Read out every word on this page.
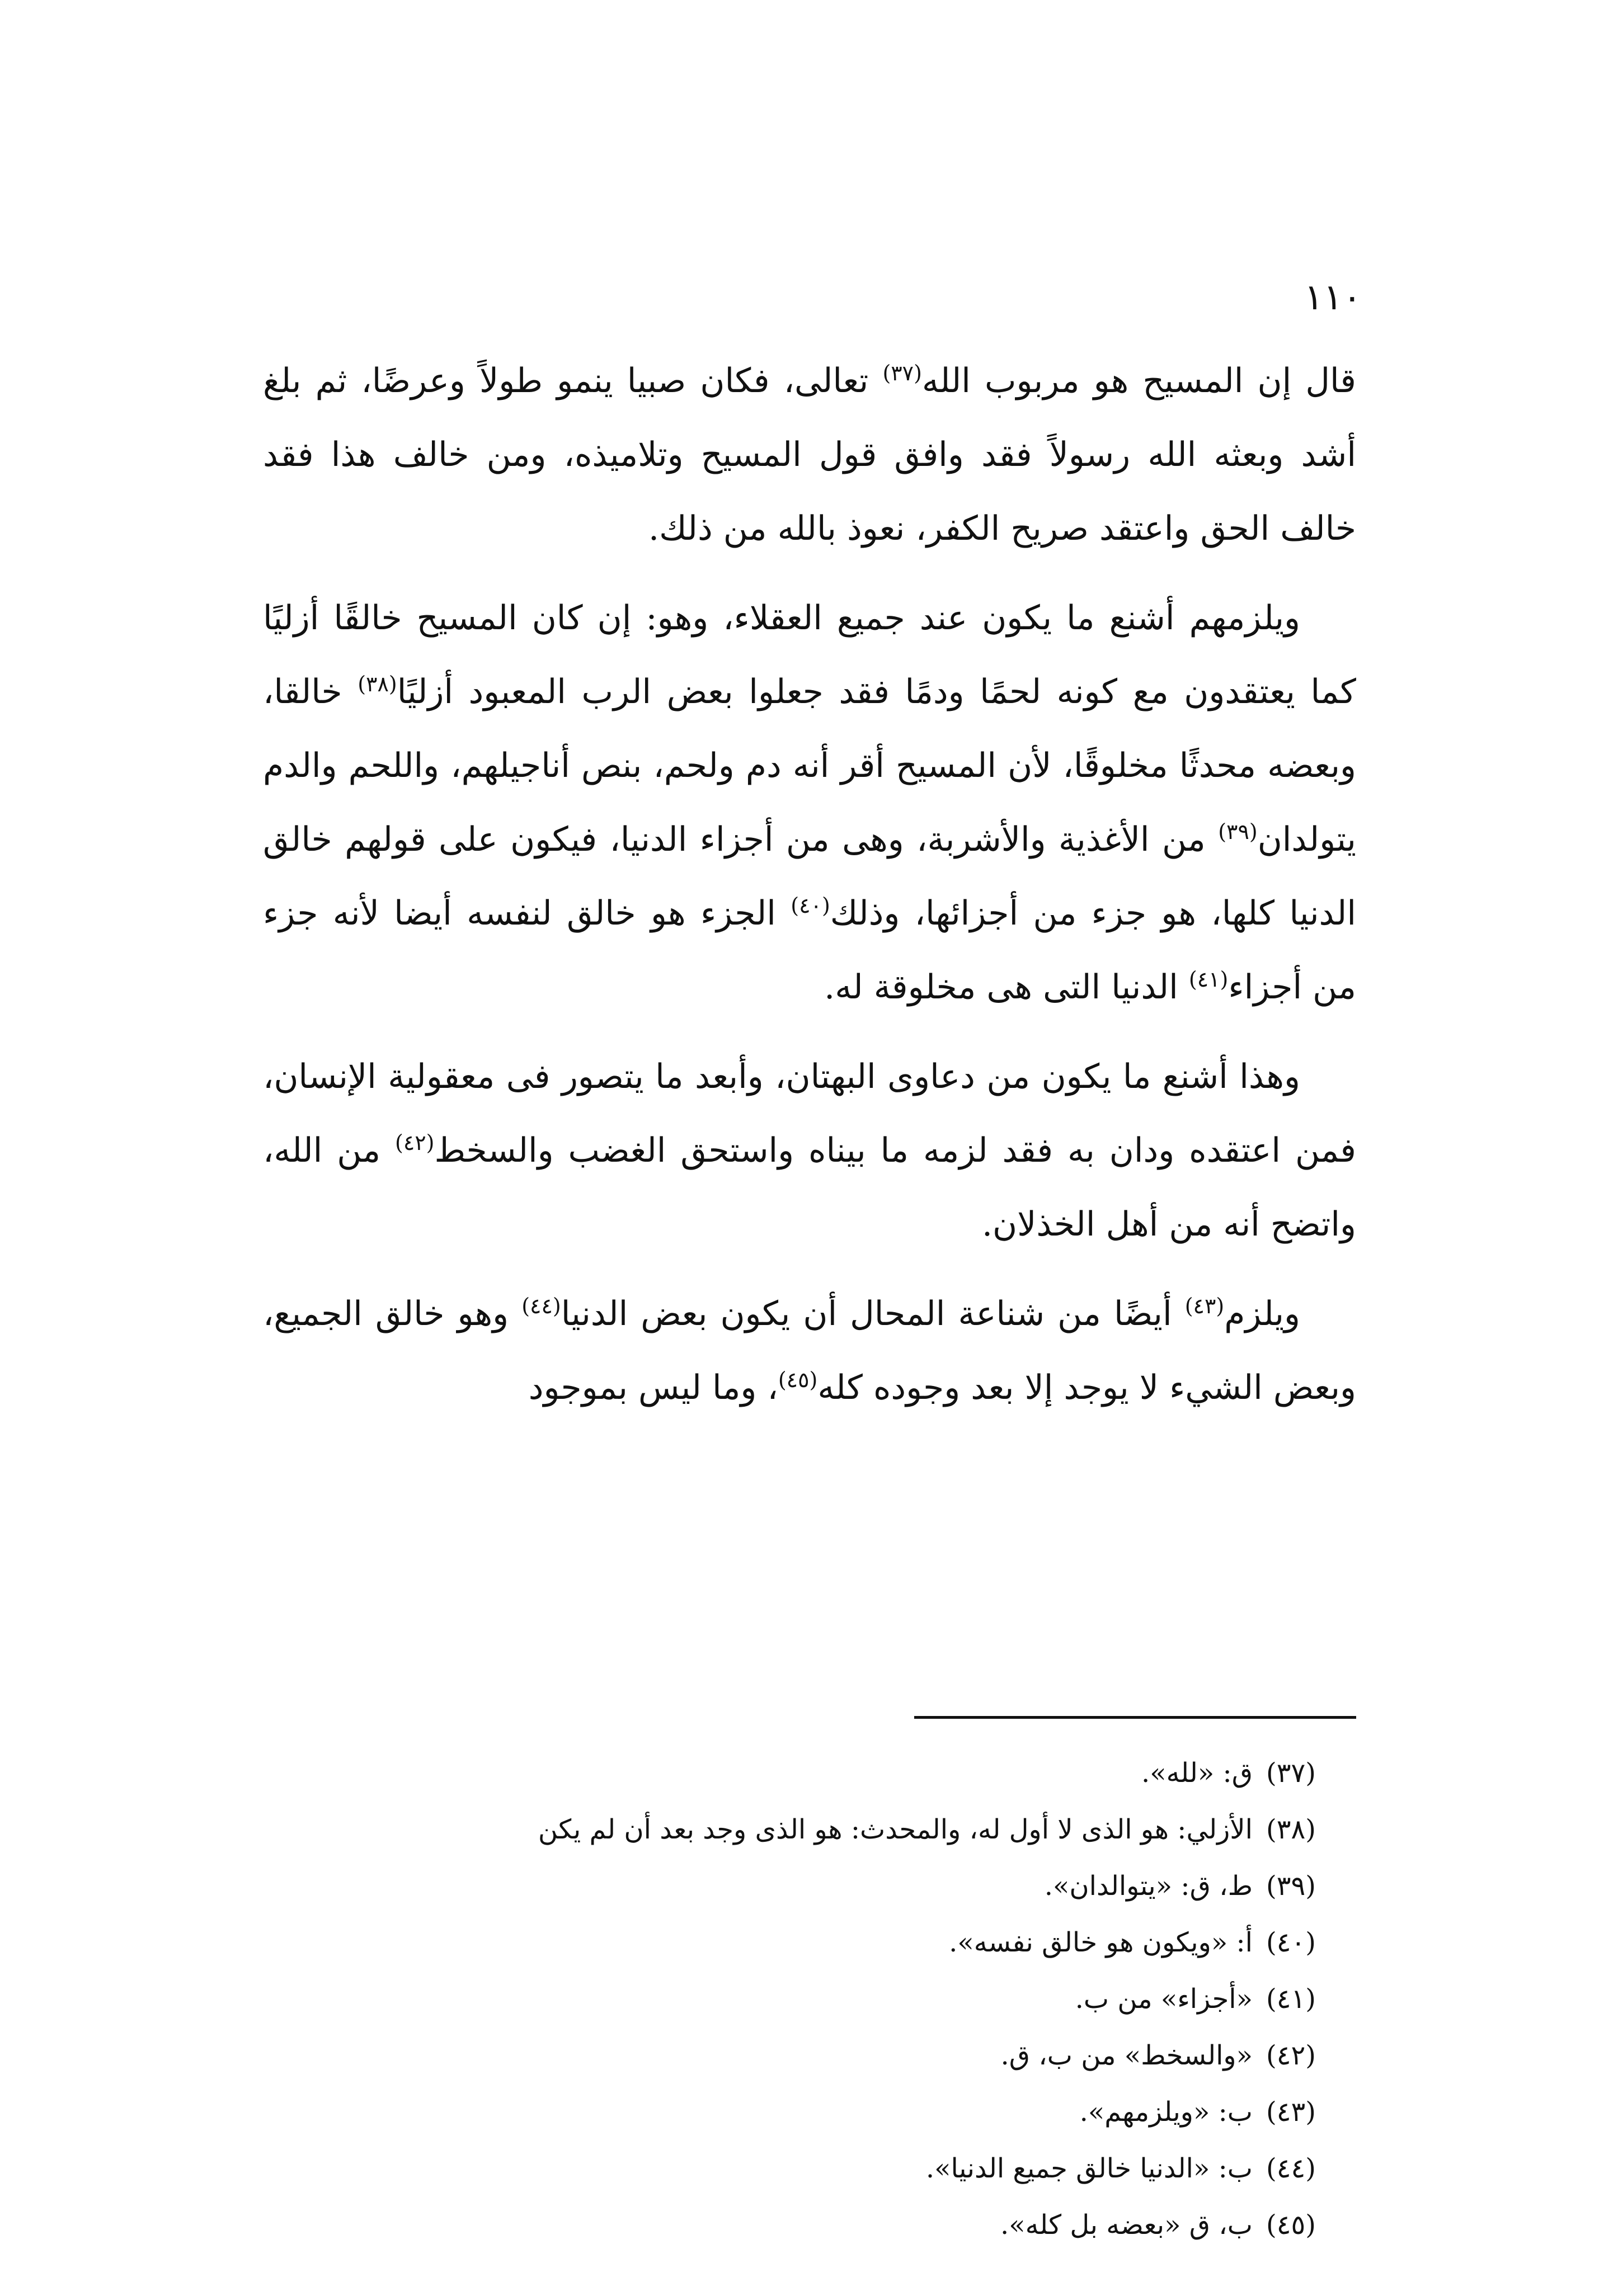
١١٠

قال إن المسيح هو مربوب الله$^{(٣٧)}$ تعالى، فكان صبيا ينمو طولاً وعرضًا، ثم بلغ أشد وبعثه الله رسولاً فقد وافق قول المسيح وتلاميذه، ومن خالف هذا فقد خالف الحق واعتقد صريح الكفر، نعوذ بالله من ذلك.

ويلزمهم أشنع ما يكون عند جميع العقلاء، وهو: إن كان المسيح خالقًا أزليًا كما يعتقدون مع كونه لحمًا ودمًا فقد جعلوا بعض الرب المعبود أزليًا$^{(٣٨)}$ خالقا، وبعضه محدثًا مخلوقًا، لأن المسيح أقر أنه دم ولحم، بنص أناجيلهم، واللحم والدم يتولدان$^{(٣٩)}$ من الأغذية والأشربة، وهى من أجزاء الدنيا، فيكون على قولهم خالق الدنيا كلها، هو جزء من أجزائها، وذلك$^{(٤٠)}$ الجزء هو خالق لنفسه أيضا لأنه جزء من أجزاء$^{(٤١)}$ الدنيا التى هى مخلوقة له.

وهذا أشنع ما يكون من دعاوى البهتان، وأبعد ما يتصور فى معقولية الإنسان، فمن اعتقده ودان به فقد لزمه ما بيناه واستحق الغضب والسخط$^{(٤٢)}$ من الله، واتضح أنه من أهل الخذلان.

ويلزم$^{(٤٣)}$ أيضًا من شناعة المحال أن يكون بعض الدنيا$^{(٤٤)}$ وهو خالق الجميع، وبعض الشيء لا يوجد إلا بعد وجوده كله$^{(٤٥)}$، وما ليس بموجود

(٣٧)ق: «لله».
(٣٨)الأزلي: هو الذى لا أول له، والمحدث: هو الذى وجد بعد أن لم يكن
(٣٩)ط، ق: «يتوالدان».
(٤٠)أ: «ويكون هو خالق نفسه».
(٤١)«أجزاء» من ب.
(٤٢)«والسخط» من ب، ق.
(٤٣)ب: «ويلزمهم».
(٤٤)ب: «الدنيا خالق جميع الدنيا».
(٤٥)ب، ق «بعضه بل كله».
